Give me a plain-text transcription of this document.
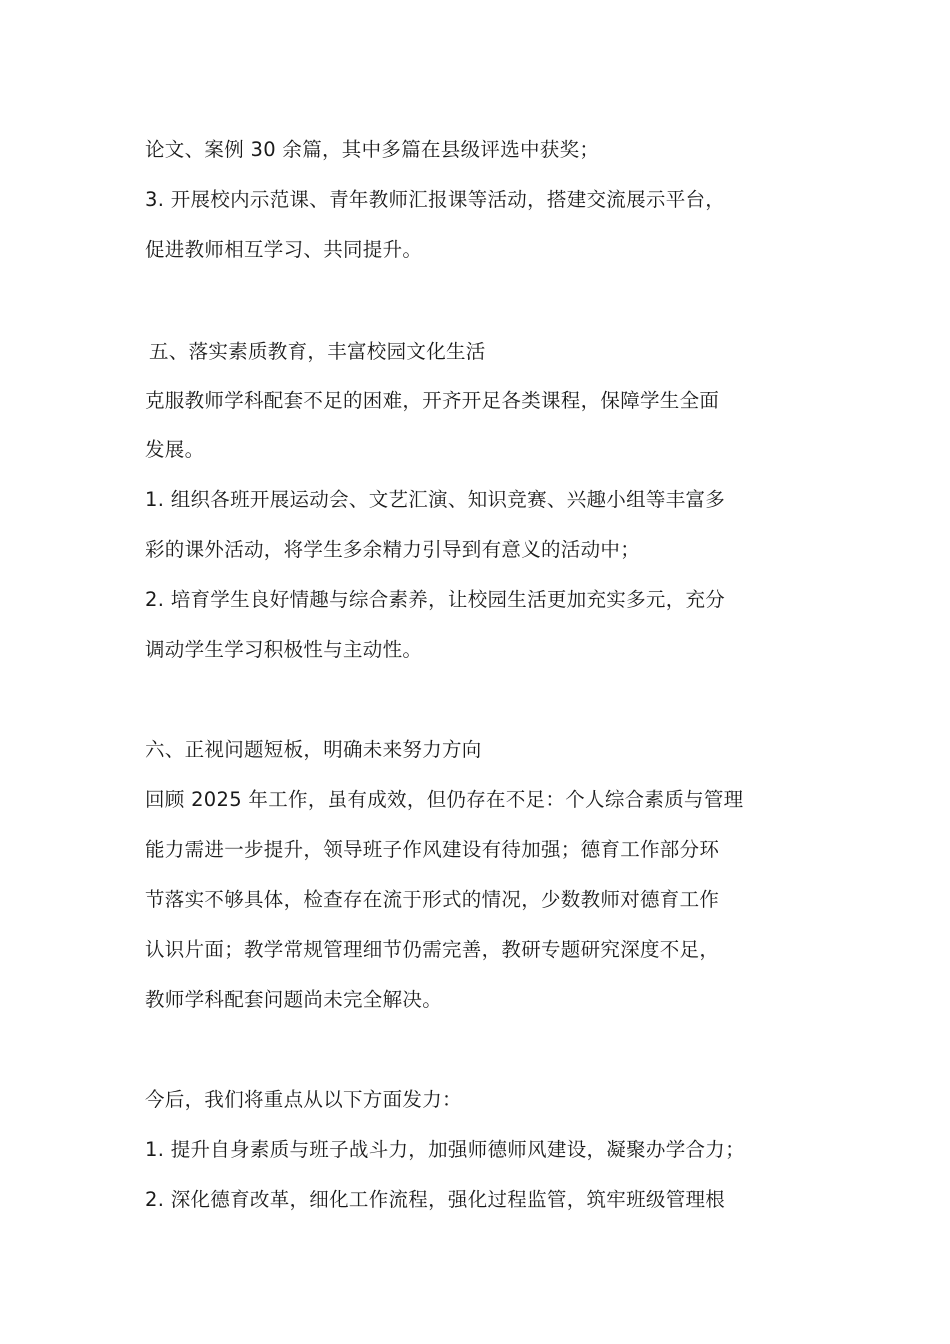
论文、案例 30 余篇，其中多篇在县级评选中获奖；
3. 开展校内示范课、青年教师汇报课等活动，搭建交流展示平台，
促进教师相互学习、共同提升。
五、落实素质教育，丰富校园文化生活
克服教师学科配套不足的困难，开齐开足各类课程，保障学生全面
发展。
1. 组织各班开展运动会、文艺汇演、知识竞赛、兴趣小组等丰富多
彩的课外活动，将学生多余精力引导到有意义的活动中；
2. 培育学生良好情趣与综合素养，让校园生活更加充实多元，充分
调动学生学习积极性与主动性。
六、正视问题短板，明确未来努力方向
回顾 2025 年工作，虽有成效，但仍存在不足：个人综合素质与管理
能力需进一步提升，领导班子作风建设有待加强；德育工作部分环
节落实不够具体，检查存在流于形式的情况，少数教师对德育工作
认识片面；教学常规管理细节仍需完善，教研专题研究深度不足，
教师学科配套问题尚未完全解决。
今后，我们将重点从以下方面发力：
1. 提升自身素质与班子战斗力，加强师德师风建设，凝聚办学合力；
2. 深化德育改革，细化工作流程，强化过程监管，筑牢班级管理根
